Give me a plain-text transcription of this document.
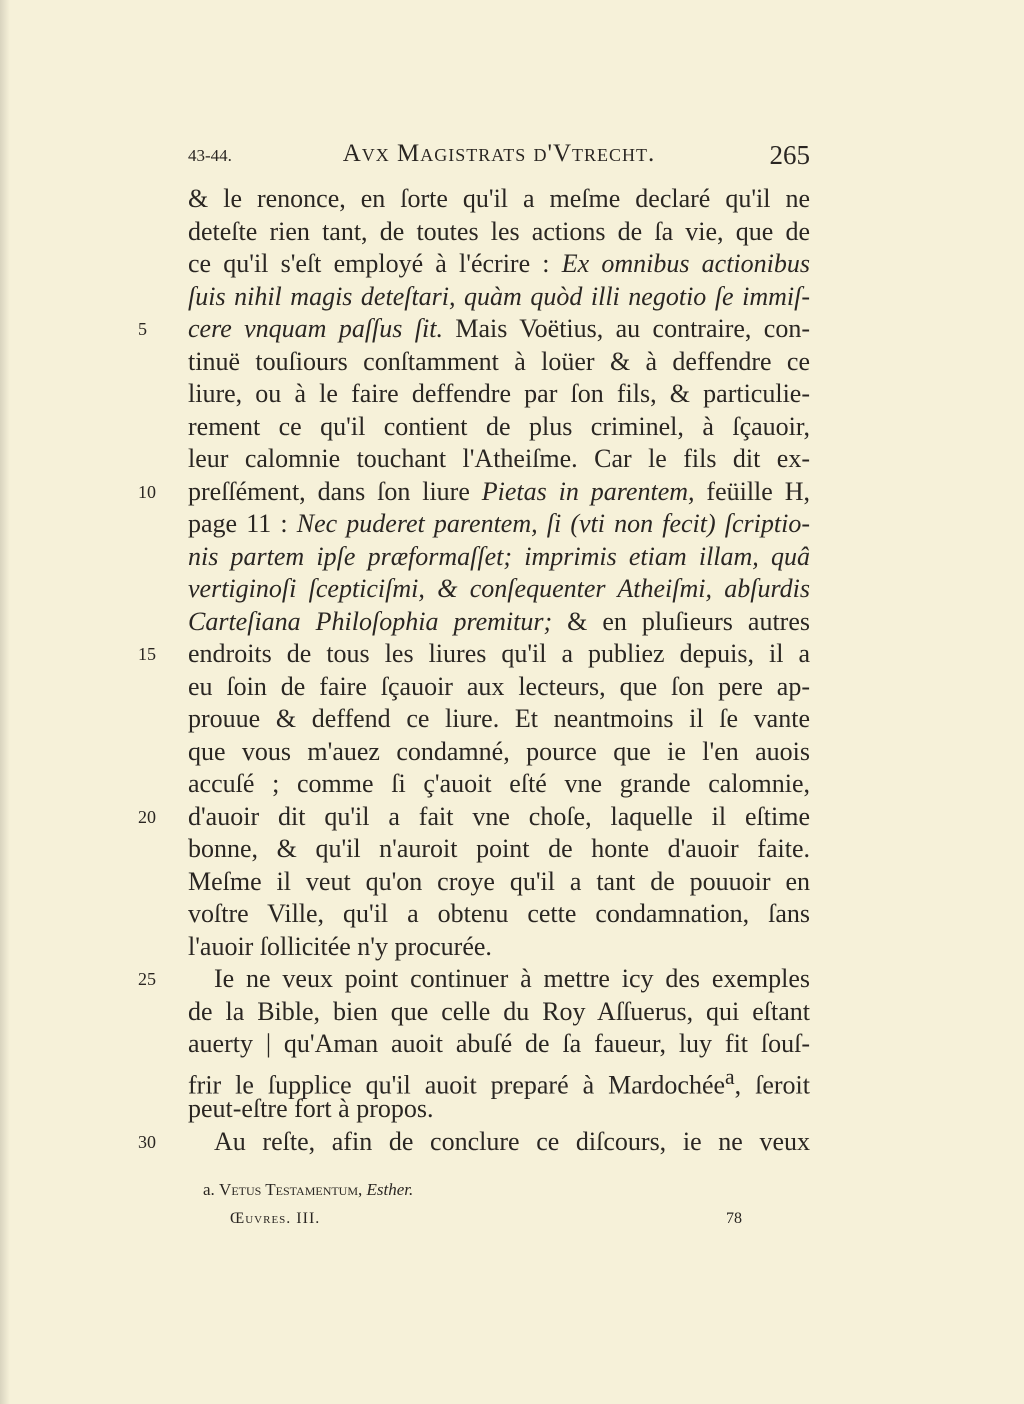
43-44.	Avx Magistrats d'Vtrecht.	265
& le renonce, en ſorte qu'il a meſme declaré qu'il ne
deteſte rien tant, de toutes les actions de ſa vie, que de
ce qu'il s'eſt employé à l'écrire : Ex omnibus actionibus
ſuis nihil magis deteſtari, quàm quòd illi negotio ſe immiſ-
5 cere vnquam paſſus ſit. Mais Voëtius, au contraire, con-
tinuë touſiours conſtamment à loüer & à deffendre ce
liure, ou à le faire deffendre par ſon fils, & particulie-
rement ce qu'il contient de plus criminel, à ſçauoir,
leur calomnie touchant l'Atheiſme. Car le fils dit ex-
10 preſſément, dans ſon liure Pietas in parentem, feüille H,
page 11 : Nec puderet parentem, ſi (vti non fecit) ſcriptio-
nis partem ipſe præformaſſet; imprimis etiam illam, quâ
vertiginoſi ſcepticiſmi, & conſequenter Atheiſmi, abſurdis
Carteſiana Philoſophia premitur; & en pluſieurs autres
15 endroits de tous les liures qu'il a publiez depuis, il a
eu ſoin de faire ſçauoir aux lecteurs, que ſon pere ap-
prouue & deffend ce liure. Et neantmoins il ſe vante
que vous m'auez condamné, pource que ie l'en auois
accuſé ; comme ſi ç'auoit eſté vne grande calomnie,
20 d'auoir dit qu'il a fait vne choſe, laquelle il eſtime
bonne, & qu'il n'auroit point de honte d'auoir faite.
Meſme il veut qu'on croye qu'il a tant de pouuoir en
voſtre Ville, qu'il a obtenu cette condamnation, ſans
l'auoir ſollicitée n'y procurée.
25 Ie ne veux point continuer à mettre icy des exemples
de la Bible, bien que celle du Roy Aſſuerus, qui eſtant
auerty | qu'Aman auoit abuſé de ſa faueur, luy fit ſouſ-
frir le ſupplice qu'il auoit preparé à Mardochée$^a$, ſeroit
peut-eſtre fort à propos.
30 Au reſte, afin de conclure ce diſcours, ie ne veux
a. Vetus Testamentum, Esther.
Œuvres. III.	78
